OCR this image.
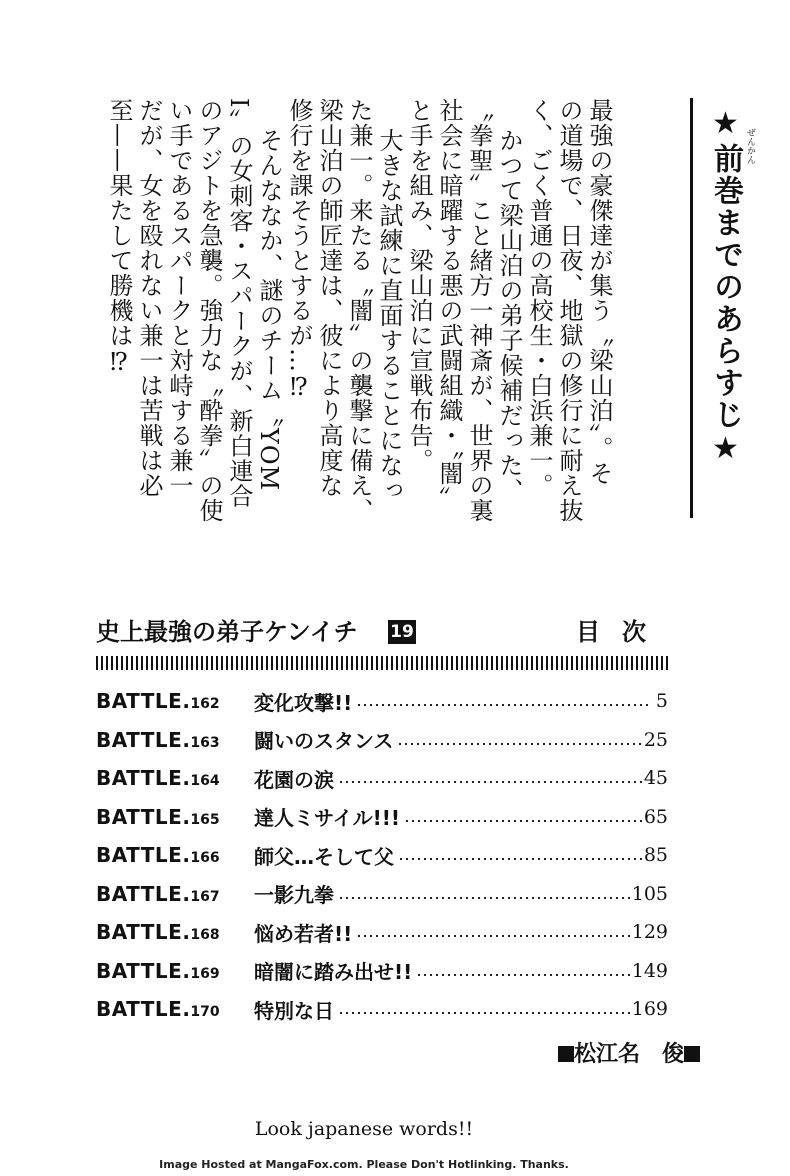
最強の豪傑達が集う〝梁山泊〟。そ
の道場で、日夜、地獄の修行に耐え抜
く、ごく普通の高校生・白浜兼一。
かつて梁山泊の弟子候補だった、
〝拳聖〟こと緒方一神斎が、世界の裏
社会に暗躍する悪の武闘組織・〝闇〟
と手を組み、梁山泊に宣戦布告。
大きな試練に直面することになっ
た兼一。来たる〝闇〟の襲撃に備え、
梁山泊の師匠達は、彼により高度な
修行を課そうとするが…⁉
そんななか、謎のチーム〝YOM
I〟の女刺客・スパークが、新白連合
のアジトを急襲。強力な〝酔拳〟の使
い手であるスパークと対峙する兼一
だが、女を殴れない兼一は苦戦は必
至——果たして勝機は⁉	★前巻までのあらすじ★ ぜんかん
史上最強の弟子ケンイチ 19	目次
BATTLE.162	変化攻撃!!	5
BATTLE.163	闘いのスタンス	25
BATTLE.164	花園の涙	45
BATTLE.165	達人ミサイル!!!	65
BATTLE.166	師父…そして父	85
BATTLE.167	一影九拳	105
BATTLE.168	悩め若者!!	129
BATTLE.169	暗闇に踏み出せ!!	149
BATTLE.170	特別な日	169
松江名　俊
Look japanese words!!
Image Hosted at MangaFox.com. Please Don't Hotlinking. Thanks.
